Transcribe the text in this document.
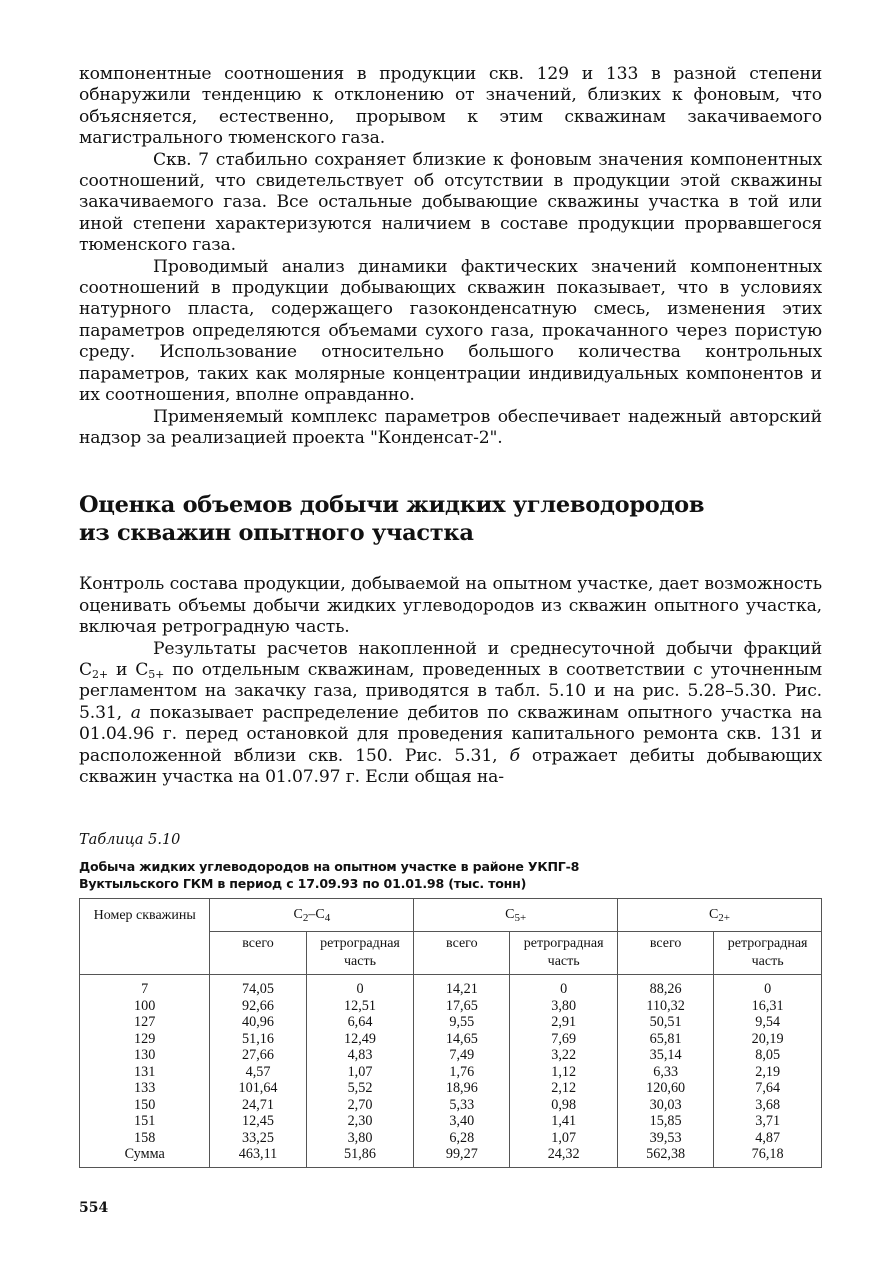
компонентные соотношения в продукции скв. 129 и 133 в разной степени обнаружили тенденцию к отклонению от значений, близких к фоновым, что объясняется, естественно, прорывом к этим скважинам закачиваемого магистрального тюменского газа.

Скв. 7 стабильно сохраняет близкие к фоновым значения компонентных соотношений, что свидетельствует об отсутствии в продукции этой скважины закачиваемого газа. Все остальные добывающие скважины участка в той или иной степени характеризуются наличием в составе продукции прорвавшегося тюменского газа.

Проводимый анализ динамики фактических значений компонентных соотношений в продукции добывающих скважин показывает, что в условиях натурного пласта, содержащего газоконденсатную смесь, изменения этих параметров определяются объемами сухого газа, прокачанного через пористую среду. Использование относительно большого количества контрольных параметров, таких как молярные концентрации индивидуальных компонентов и их соотношения, вполне оправданно.

Применяемый комплекс параметров обеспечивает надежный авторский надзор за реализацией проекта "Конденсат-2".

Оценка объемов добычи жидких углеводородов
из скважин опытного участка

Контроль состава продукции, добываемой на опытном участке, дает возможность оценивать объемы добычи жидких углеводородов из скважин опытного участка, включая ретроградную часть.

Результаты расчетов накопленной и среднесуточной добычи фракций $C_{2+}$ и $C_{5+}$ по отдельным скважинам, проведенных в соответствии с уточненным регламентом на закачку газа, приводятся в табл. 5.10 и на рис. 5.28–5.30. Рис. 5.31, а показывает распределение дебитов по скважинам опытного участка на 01.04.96 г. перед остановкой для проведения капитального ремонта скв. 131 и расположенной вблизи скв. 150. Рис. 5.31, б отражает дебиты добывающих скважин участка на 01.07.97 г. Если общая на-

Таблица 5.10
Добыча жидких углеводородов на опытном участке в районе УКПГ-8
Вуктыльского ГКМ в период с 17.09.93 по 01.01.98 (тыс. тонн)
Номер скважины	$C_2-C_4$		$C_{5+}$		$C_{2+}$
	всего	ретроградная часть	всего	ретроградная часть	всего	ретроградная часть
7	74,05	0	14,21	0	88,26	0
100	92,66	12,51	17,65	3,80	110,32	16,31
127	40,96	6,64	9,55	2,91	50,51	9,54
129	51,16	12,49	14,65	7,69	65,81	20,19
130	27,66	4,83	7,49	3,22	35,14	8,05
131	4,57	1,07	1,76	1,12	6,33	2,19
133	101,64	5,52	18,96	2,12	120,60	7,64
150	24,71	2,70	5,33	0,98	30,03	3,68
151	12,45	2,30	3,40	1,41	15,85	3,71
158	33,25	3,80	6,28	1,07	39,53	4,87
Сумма	463,11	51,86	99,27	24,32	562,38	76,18
554
